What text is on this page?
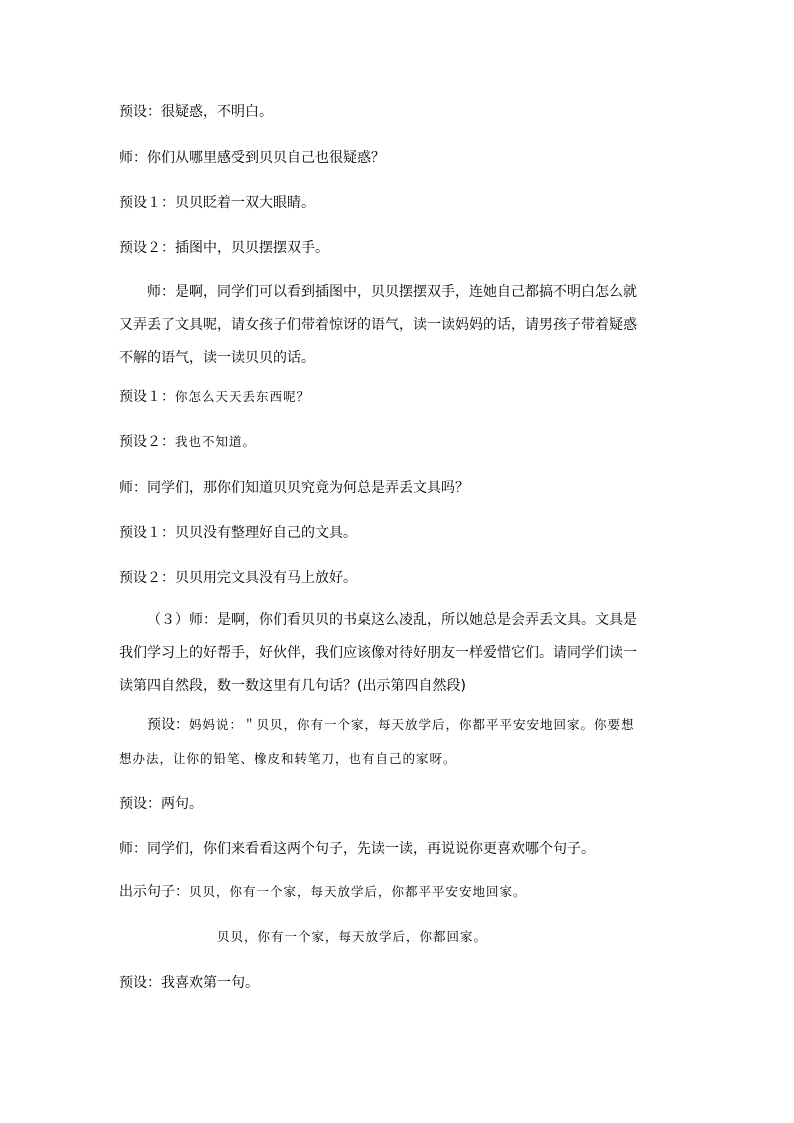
预设：很疑惑，不明白。
师：你们从哪里感受到贝贝自己也很疑惑？
预设１：贝贝眨着一双大眼睛。
预设２：插图中，贝贝摆摆双手。
师：是啊，同学们可以看到插图中，贝贝摆摆双手，连她自己都搞不明白怎么就又弄丢了文具呢，请女孩子们带着惊讶的语气，读一读妈妈的话，请男孩子带着疑惑不解的语气，读一读贝贝的话。
预设１：你怎么天天丢东西呢？
预设２：我也不知道。
师：同学们，那你们知道贝贝究竟为何总是弄丢文具吗？
预设１：贝贝没有整理好自己的文具。
预设２：贝贝用完文具没有马上放好。
（３）师：是啊，你们看贝贝的书桌这么凌乱，所以她总是会弄丢文具。文具是我们学习上的好帮手，好伙伴，我们应该像对待好朋友一样爱惜它们。请同学们读一读第四自然段，数一数这里有几句话？(出示第四自然段)
预设：妈妈说：＂贝贝，你有一个家，每天放学后，你都平平安安地回家。你要想想办法，让你的铅笔、橡皮和转笔刀，也有自己的家呀。
预设：两句。
师：同学们，你们来看看这两个句子，先读一读，再说说你更喜欢哪个句子。
出示句子：贝贝，你有一个家，每天放学后，你都平平安安地回家。
贝贝，你有一个家，每天放学后，你都回家。
预设：我喜欢第一句。
